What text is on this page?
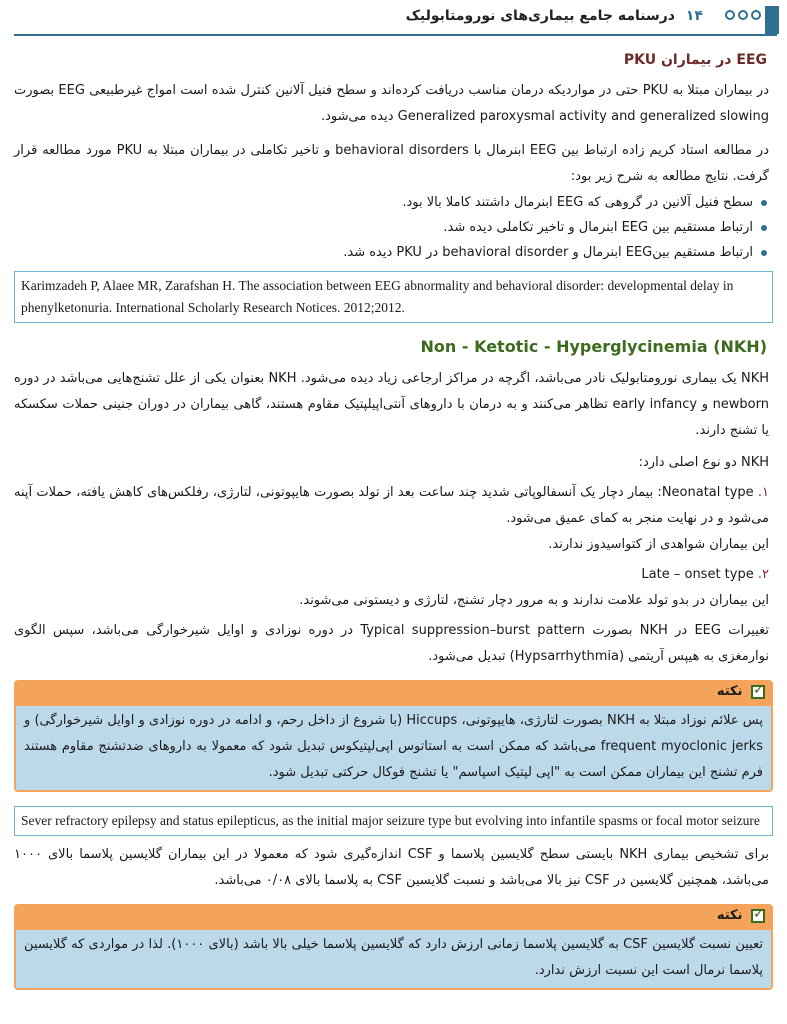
۱۴
درسنامه جامع بیماری‌های نورومتابولیک
EEG در بیماران PKU

در بیماران مبتلا به PKU حتی در مواردیکه درمان مناسب دریافت کرده‌اند و سطح فنیل آلانین کنترل شده است امواج غیرطبیعی EEG بصورت Generalized paroxysmal activity and generalized slowing دیده می‌شود.

در مطالعه استاد کریم زاده ارتباط بین EEG ابنرمال با behavioral disorders و تاخیر تکاملی در بیماران مبتلا به PKU مورد مطالعه قرار گرفت. نتایج مطالعه به شرح زیر بود:

سطح فنیل آلانین در گروهی که EEG ابنرمال داشتند کاملا بالا بود.
ارتباط مستقیم بین EEG ابنرمال و تاخیر تکاملی دیده شد.
ارتباط مستقیم بینEEG ابنرمال و behavioral disorder در PKU دیده شد.
Karimzadeh P, Alaee MR, Zarafshan H. The association between EEG abnormality and behavioral disorder: developmental delay in phenylketonuria. International Scholarly Research Notices. 2012;2012.
Non - Ketotic - Hyperglycinemia (NKH)

NKH یک بیماری نورومتابولیک نادر می‌باشد، اگرچه در مراکز ارجاعی زیاد دیده می‌شود. NKH بعنوان یکی از علل تشنج‌هایی می‌باشد در دوره newborn و early infancy تظاهر می‌کنند و به درمان با داروهای آنتی‌اپیلپتیک مقاوم هستند، گاهی بیماران در دوران جنینی حملات سکسکه یا تشنج دارند.

NKH دو نوع اصلی دارد:

۱. Neonatal type: بیمار دچار یک آنسفالوپاتی شدید چند ساعت بعد از تولد بصورت هایپوتونی، لتارژی، رفلکس‌های کاهش یافته، حملات آپنه می‌شود و در نهایت منجر به کمای عمیق می‌شود.

این بیماران شواهدی از کتواسیدوز ندارند.

۲. Late – onset type

این بیماران در بدو تولد علامت ندارند و به مرور دچار تشنج، لتارژی و دیستونی می‌شوند.

تغییرات EEG در NKH بصورت Typical suppression–burst pattern در دوره نوزادی و اوایل شیرخوارگی می‌باشد، سپس الگوی نوارمغزی به هیپس آریتمی (Hypsarrhythmia) تبدیل می‌شود.

✓ نکته
پس علائم نوزاد مبتلا به NKH بصورت لتارژی، هایپوتونی، Hiccups (با شروع از داخل رحم، و ادامه در دوره نوزادی و اوایل شیرخوارگی) و frequent myoclonic jerks می‌باشد که ممکن است به استاتوس اپی‌لپتیکوس تبدیل شود که معمولا به داروهای ضدتشنج مقاوم هستند فرم تشنج این بیماران ممکن است به "اپی لپتیک اسپاسم" یا تشنج فوکال حرکتی تبدیل شود.
Sever refractory epilepsy and status epilepticus, as the initial major seizure type but evolving into infantile spasms or focal motor seizure

برای تشخیص بیماری NKH بایستی سطح گلایسین پلاسما و CSF اندازه‌گیری شود که معمولا در این بیماران گلایسین پلاسما بالای ۱۰۰۰ می‌باشد، همچنین گلایسین در CSF نیز بالا می‌باشد و نسبت گلایسین CSF به پلاسما بالای ۰/۰۸ می‌باشد.

✓ نکته
تعیین نسبت گلایسین CSF به گلایسین پلاسما زمانی ارزش دارد که گلایسین پلاسما خیلی بالا باشد (بالای ۱۰۰۰). لذا در مواردی که گلایسین پلاسما نرمال است این نسبت ارزش ندارد.
